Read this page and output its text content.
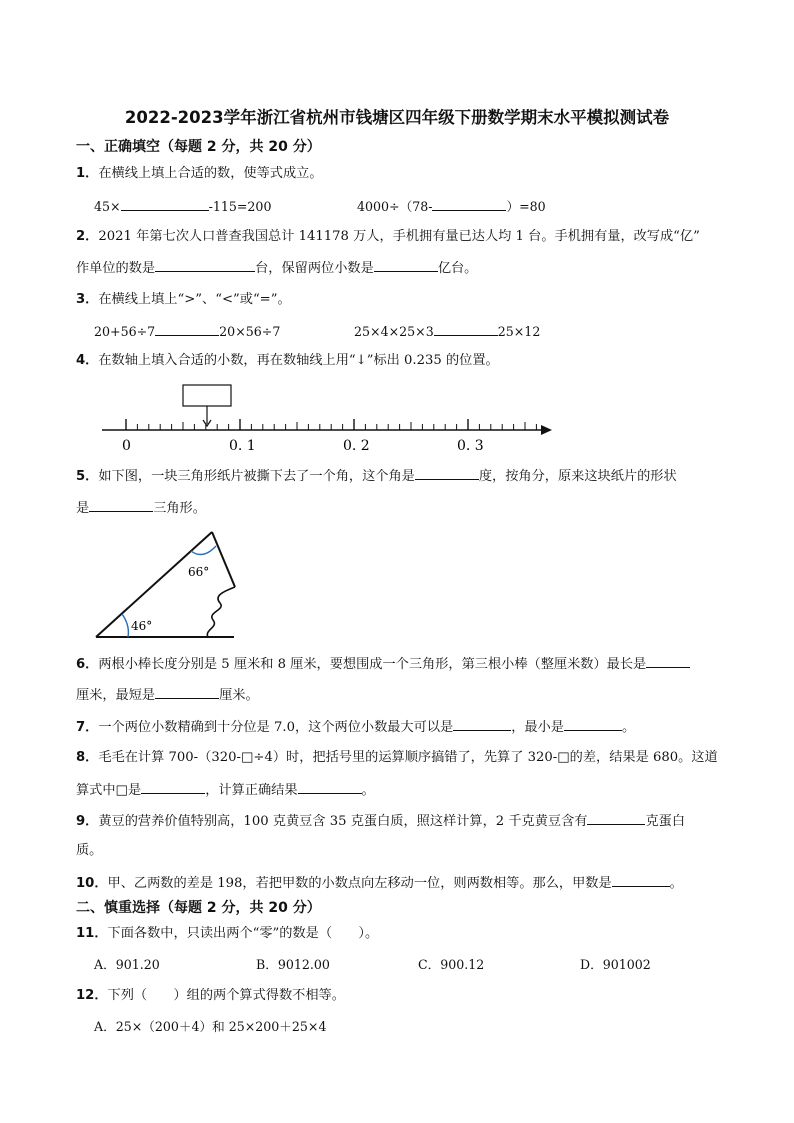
2022-2023学年浙江省杭州市钱塘区四年级下册数学期末水平模拟测试卷
一、正确填空（每题 2 分，共 20 分）
1．在横线上填上合适的数，使等式成立。
45×	-115=200	4000÷（78-	）=80
2．2021 年第七次人口普查我国总计 141178 万人，手机拥有量已达人均 1 台。手机拥有量，改写成“亿”
作单位的数是	台，保留两位小数是	亿台。
3．在横线上填上“>”、“<”或“=”。
20+56÷7	20×56÷7	25×4×25×3	25×12
4．在数轴上填入合适的小数，再在数轴线上用“↓”标出 0.235 的位置。
0	0. 1	0. 2	0. 3
66°
46°
5．如下图，一块三角形纸片被撕下去了一个角，这个角是	度，按角分，原来这块纸片的形状
是	三角形。
6．两根小棒长度分别是 5 厘米和 8 厘米，要想围成一个三角形，第三根小棒（整厘米数）最长是
厘米，最短是	厘米。
7．一个两位小数精确到十分位是 7.0，这个两位小数最大可以是	，最小是	。
8．毛毛在计算 700-（320-□÷4）时，把括号里的运算顺序搞错了，先算了 320-□的差，结果是 680。这道
算式中□是	，计算正确结果	。
9．黄豆的营养价值特别高，100 克黄豆含 35 克蛋白质，照这样计算，2 千克黄豆含有	克蛋白
质。
10．甲、乙两数的差是 198，若把甲数的小数点向左移动一位，则两数相等。那么，甲数是	。
二、慎重选择（每题 2 分，共 20 分）
11．下面各数中，只读出两个“零”的数是（　　）。
A．901.20	B．9012.00	C．900.12	D．901002
12．下列（　　）组的两个算式得数不相等。
A．25×（200＋4）和 25×200＋25×4
